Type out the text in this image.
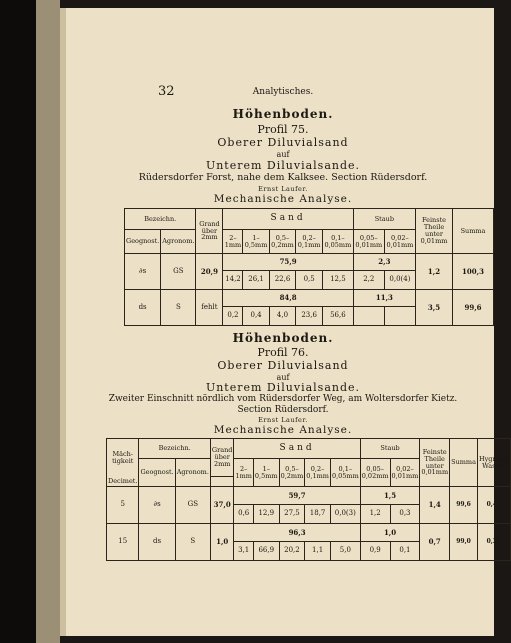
32	Analytisches.
Höhenboden.
Profil 75.
Oberer Diluvialsand
auf
Unterem Diluvialsande.
Rüdersdorfer Forst, nahe dem Kalksee. Section Rüdersdorf.
Ernst Laufer.
Mechanische Analyse.
Bezeichn.		Grand über 2mm	Sand					Staub		Feinste Theile unter 0,01mm	Summa
Geognost.	Agronom.		2–1mm	1–0,5mm	0,5–0,2mm	0,2–0,1mm	0,1–0,05mm	0,05–0,01mm	0,02–0,01mm		
∂s	GS	20,9	75,9					2,3		1,2	100,3
			14,2	26,1	22,6	0,5	12,5	2,2	0,0(4)		
ds	S	fehlt	84,8					11,3		3,5	99,6
			0,2	0,4	4,0	23,6	56,6				
Höhenboden.
Profil 76.
Oberer Diluvialsand
auf
Unterem Diluvialsande.
Zweiter Einschnitt nördlich vom Rüdersdorfer Weg, am Woltersdorfer Kietz.
Section Rüdersdorf.
Ernst Laufer.
Mechanische Analyse.
Mäch-tigkeit	Bezeichn.		Grand über 2mm	Sand					Staub		Feinste Theile unter 0,01mm	Summa	Hygrosk. Wasser
	Geognost.	Agronom.		2–1mm	1–0,5mm	0,5–0,2mm	0,2–0,1mm	0,1–0,05mm	0,05–0,02mm	0,02–0,01mm			
Decimet.													
5	∂s	GS	37,0	59,7					1,5		1,4	99,6	0,40
				0,6	12,9	27,5	18,7	0,0(3)	1,2	0,3			
15	ds	S	1,0	96,3					1,0		0,7	99,0	0,23
				3,1	66,9	20,2	1,1	5,0	0,9	0,1			
